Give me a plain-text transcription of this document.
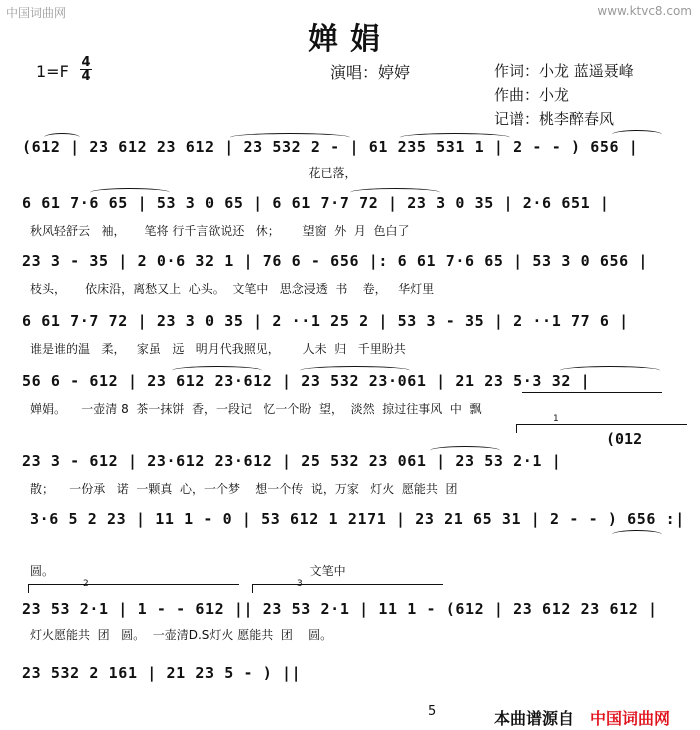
中国词曲网	www.ktvc8.com
婵娟
1=F 4
4	演唱：婷婷	作词：小龙 蓝遥聂峰
作曲：小龙
记谱：桃李醉春风
(612 | 23 612 23 612 | 23 532 2 - | 61 235 531 1 | 2 - - ) 656 |
花已落，
6 61 7·6 65 | 53 3 0 65 | 6 61 7·7 72 | 23 3 0 35 | 2·6 651 |
秋风轻舒云   袖，     笔将 行千言欲说还   休；      望窗  外  月  色白了
23 3 - 35 | 2 0·6 32 1 | 76 6 - 656 |: 6 61 7·6 65 | 53 3 0 656 |
枝头，     依床沿，离愁又上  心头。  文笔中   思念浸透  书    卷，   华灯里
6 61 7·7 72 | 23 3 0 35 | 2 ··1 25 2 | 53 3 - 35 | 2 ··1 77 6 |
谁是谁的温   柔，   家虽   远   明月代我照见，      人未  归   千里盼共
56 6 - 612 | 23 612 23·612 | 23 532 23·061 | 21 23 5·3 32 |
婵娟。    一壶清 8  茶一抹饼  香，一段记   忆一个盼  望，  淡然  掠过往事风  中  飘
1
(012
23 3 - 612 | 23·612 23·612 | 25 532 23 061 | 23 53 2·1 |
散；    一份承   诺  一颗真  心，一个梦    想一个传  说，万家   灯火  愿能共  团
3·6 5 2 23 | 11 1 - 0 | 53 612 1 2171 | 23 21 65 31 | 2 - - ) 656 :|
圆。                                                                   文笔中
2	3
23 53 2·1 | 1 - - 612 || 23 53 2·1 | 11 1 - (612 | 23 612 23 612 |
灯火愿能共  团   圆。  一壶清D.S灯火 愿能共  团    圆。
23 532 2 161 | 21 23 5 - ) ||
5	本曲谱源自 中国词曲网
